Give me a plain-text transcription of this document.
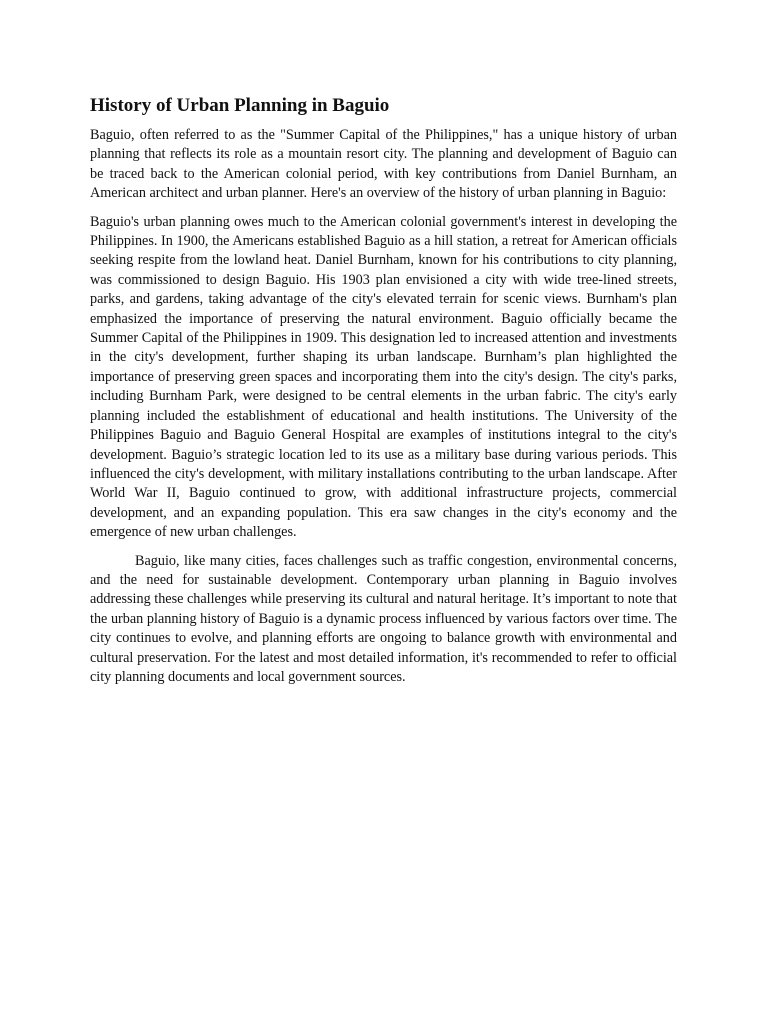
History of Urban Planning in Baguio

Baguio, often referred to as the "Summer Capital of the Philippines," has a unique history of urban planning that reflects its role as a mountain resort city. The planning and development of Baguio can be traced back to the American colonial period, with key contributions from Daniel Burnham, an American architect and urban planner. Here's an overview of the history of urban planning in Baguio:

Baguio's urban planning owes much to the American colonial government's interest in developing the Philippines. In 1900, the Americans established Baguio as a hill station, a retreat for American officials seeking respite from the lowland heat. Daniel Burnham, known for his contributions to city planning, was commissioned to design Baguio. His 1903 plan envisioned a city with wide tree-lined streets, parks, and gardens, taking advantage of the city's elevated terrain for scenic views. Burnham's plan emphasized the importance of preserving the natural environment. Baguio officially became the Summer Capital of the Philippines in 1909. This designation led to increased attention and investments in the city's development, further shaping its urban landscape. Burnham’s plan highlighted the importance of preserving green spaces and incorporating them into the city's design. The city's parks, including Burnham Park, were designed to be central elements in the urban fabric. The city's early planning included the establishment of educational and health institutions. The University of the Philippines Baguio and Baguio General Hospital are examples of institutions integral to the city's development. Baguio’s strategic location led to its use as a military base during various periods. This influenced the city's development, with military installations contributing to the urban landscape. After World War II, Baguio continued to grow, with additional infrastructure projects, commercial development, and an expanding population. This era saw changes in the city's economy and the emergence of new urban challenges.

Baguio, like many cities, faces challenges such as traffic congestion, environmental concerns, and the need for sustainable development. Contemporary urban planning in Baguio involves addressing these challenges while preserving its cultural and natural heritage. It’s important to note that the urban planning history of Baguio is a dynamic process influenced by various factors over time. The city continues to evolve, and planning efforts are ongoing to balance growth with environmental and cultural preservation. For the latest and most detailed information, it's recommended to refer to official city planning documents and local government sources.
